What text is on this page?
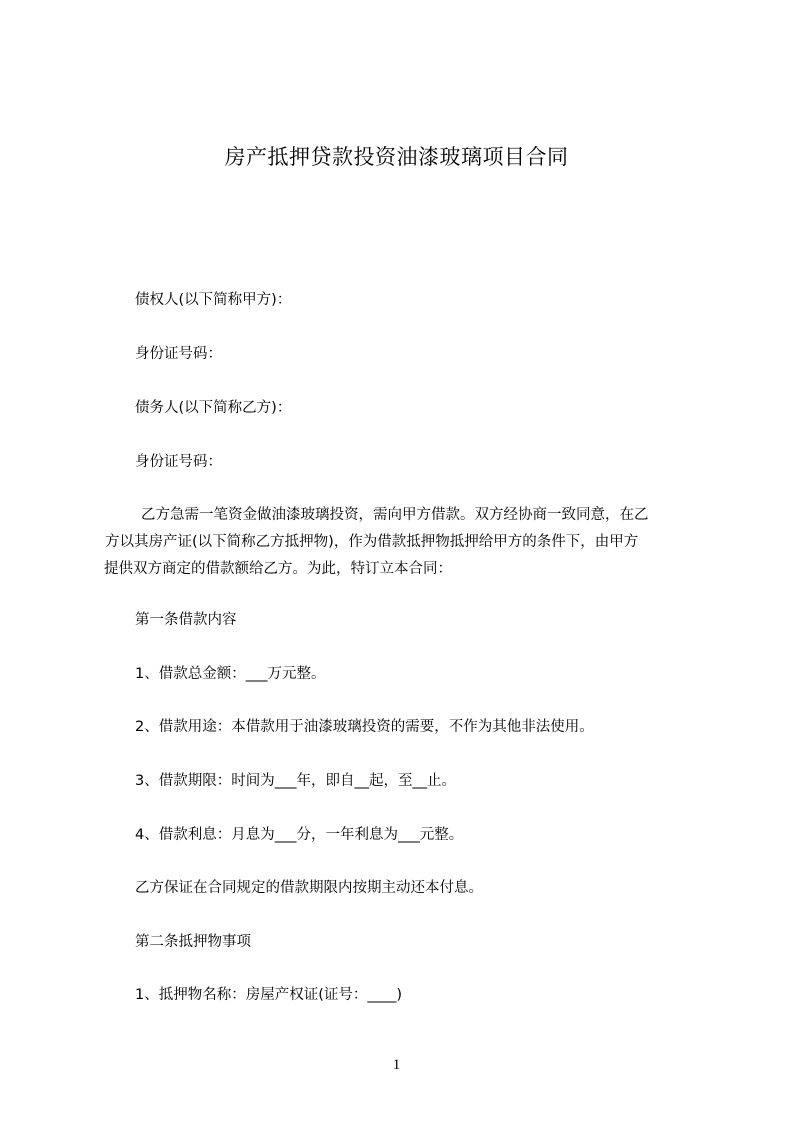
房产抵押贷款投资油漆玻璃项目合同
债权人(以下简称甲方)：
身份证号码：
债务人(以下简称乙方)：
身份证号码：
乙方急需一笔资金做油漆玻璃投资，需向甲方借款。双方经协商一致同意，在乙
方以其房产证(以下简称乙方抵押物)，作为借款抵押物抵押给甲方的条件下，由甲方
提供双方商定的借款额给乙方。为此，特订立本合同：
第一条借款内容
1、借款总金额：___万元整。
2、借款用途：本借款用于油漆玻璃投资的需要，不作为其他非法使用。
3、借款期限：时间为___年，即自__起，至__止。
4、借款利息：月息为___分，一年利息为___元整。
乙方保证在合同规定的借款期限内按期主动还本付息。
第二条抵押物事项
1、抵押物名称：房屋产权证(证号：____)
1
